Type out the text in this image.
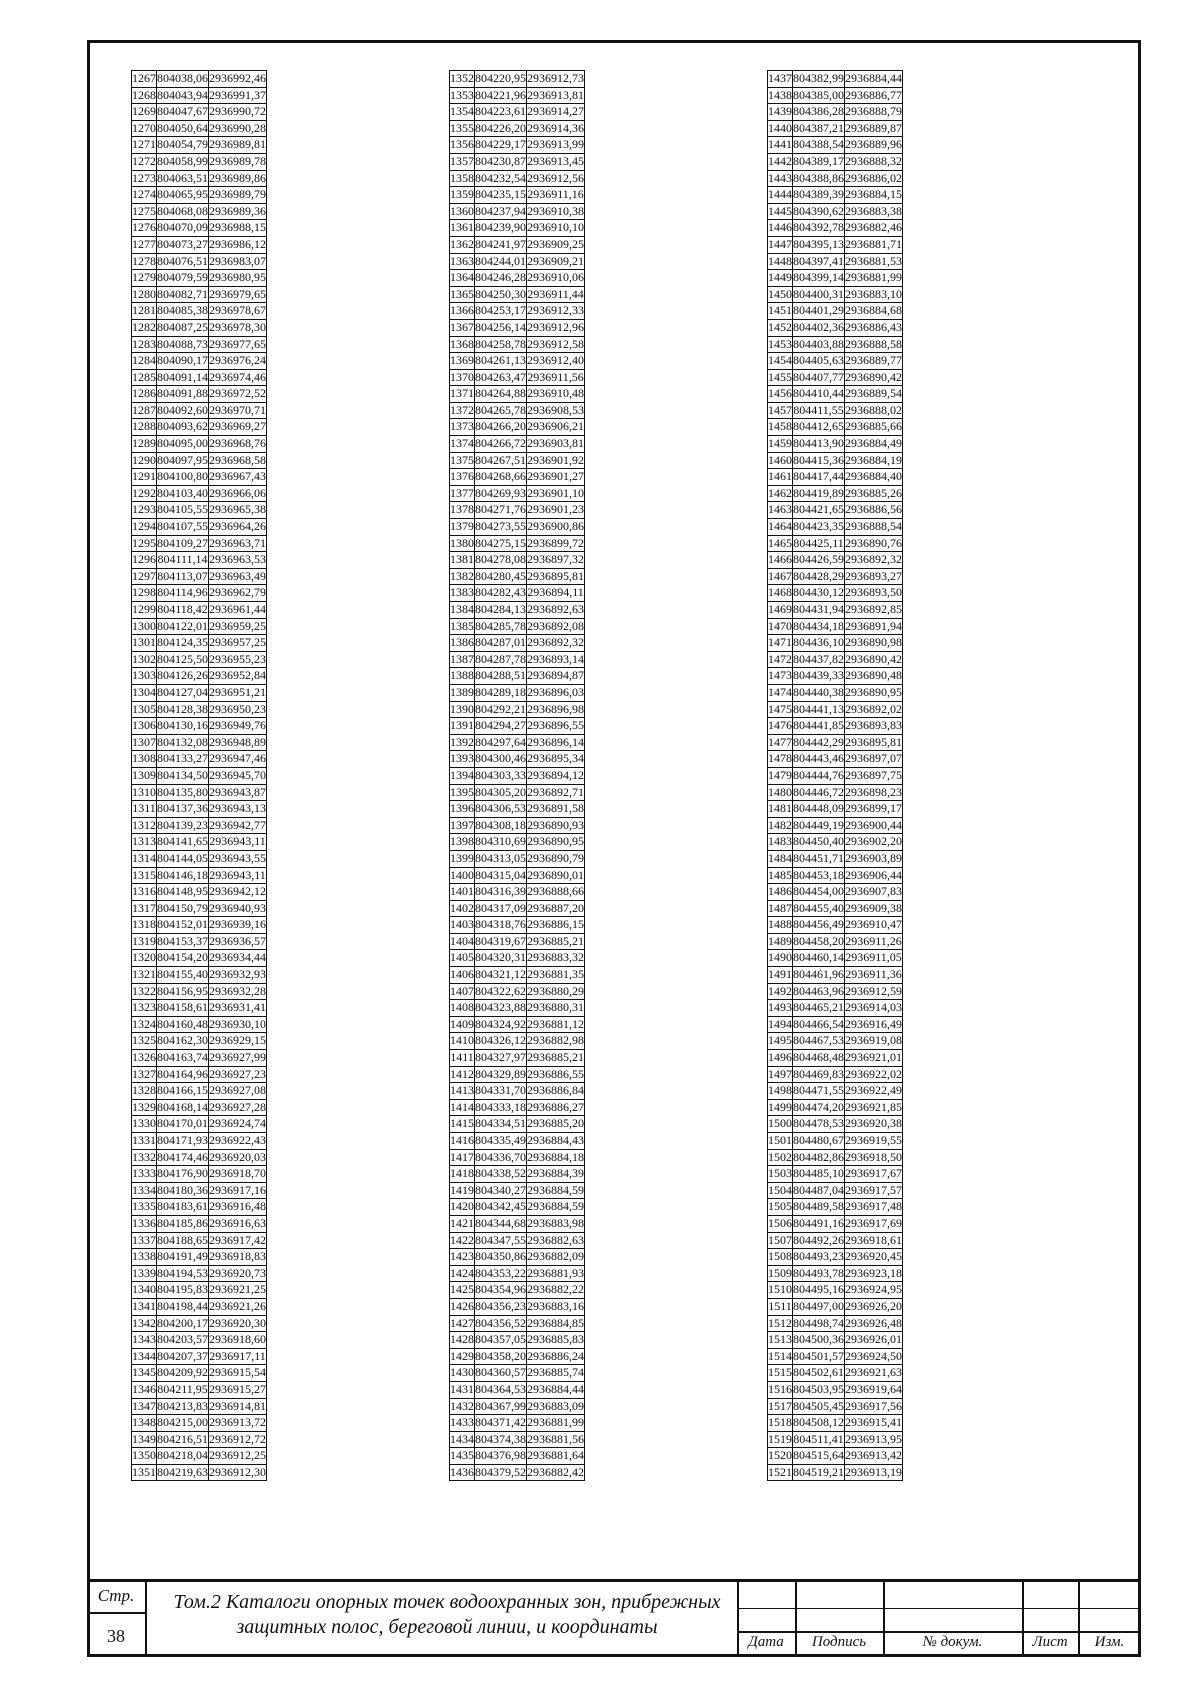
1267	804038,06	2936992,46
1268	804043,94	2936991,37
1269	804047,67	2936990,72
1270	804050,64	2936990,28
1271	804054,79	2936989,81
1272	804058,99	2936989,78
1273	804063,51	2936989,86
1274	804065,95	2936989,79
1275	804068,08	2936989,36
1276	804070,09	2936988,15
1277	804073,27	2936986,12
1278	804076,51	2936983,07
1279	804079,59	2936980,95
1280	804082,71	2936979,65
1281	804085,38	2936978,67
1282	804087,25	2936978,30
1283	804088,73	2936977,65
1284	804090,17	2936976,24
1285	804091,14	2936974,46
1286	804091,88	2936972,52
1287	804092,60	2936970,71
1288	804093,62	2936969,27
1289	804095,00	2936968,76
1290	804097,95	2936968,58
1291	804100,80	2936967,43
1292	804103,40	2936966,06
1293	804105,55	2936965,38
1294	804107,55	2936964,26
1295	804109,27	2936963,71
1296	804111,14	2936963,53
1297	804113,07	2936963,49
1298	804114,96	2936962,79
1299	804118,42	2936961,44
1300	804122,01	2936959,25
1301	804124,35	2936957,25
1302	804125,50	2936955,23
1303	804126,26	2936952,84
1304	804127,04	2936951,21
1305	804128,38	2936950,23
1306	804130,16	2936949,76
1307	804132,08	2936948,89
1308	804133,27	2936947,46
1309	804134,50	2936945,70
1310	804135,80	2936943,87
1311	804137,36	2936943,13
1312	804139,23	2936942,77
1313	804141,65	2936943,11
1314	804144,05	2936943,55
1315	804146,18	2936943,11
1316	804148,95	2936942,12
1317	804150,79	2936940,93
1318	804152,01	2936939,16
1319	804153,37	2936936,57
1320	804154,20	2936934,44
1321	804155,40	2936932,93
1322	804156,95	2936932,28
1323	804158,61	2936931,41
1324	804160,48	2936930,10
1325	804162,30	2936929,15
1326	804163,74	2936927,99
1327	804164,96	2936927,23
1328	804166,15	2936927,08
1329	804168,14	2936927,28
1330	804170,01	2936924,74
1331	804171,93	2936922,43
1332	804174,46	2936920,03
1333	804176,90	2936918,70
1334	804180,36	2936917,16
1335	804183,61	2936916,48
1336	804185,86	2936916,63
1337	804188,65	2936917,42
1338	804191,49	2936918,83
1339	804194,53	2936920,73
1340	804195,83	2936921,25
1341	804198,44	2936921,26
1342	804200,17	2936920,30
1343	804203,57	2936918,60
1344	804207,37	2936917,11
1345	804209,92	2936915,54
1346	804211,95	2936915,27
1347	804213,83	2936914,81
1348	804215,00	2936913,72
1349	804216,51	2936912,72
1350	804218,04	2936912,25
1351	804219,63	2936912,30
1352	804220,95	2936912,73
1353	804221,96	2936913,81
1354	804223,61	2936914,27
1355	804226,20	2936914,36
1356	804229,17	2936913,99
1357	804230,87	2936913,45
1358	804232,54	2936912,56
1359	804235,15	2936911,16
1360	804237,94	2936910,38
1361	804239,90	2936910,10
1362	804241,97	2936909,25
1363	804244,01	2936909,21
1364	804246,28	2936910,06
1365	804250,30	2936911,44
1366	804253,17	2936912,33
1367	804256,14	2936912,96
1368	804258,78	2936912,58
1369	804261,13	2936912,40
1370	804263,47	2936911,56
1371	804264,88	2936910,48
1372	804265,78	2936908,53
1373	804266,20	2936906,21
1374	804266,72	2936903,81
1375	804267,51	2936901,92
1376	804268,66	2936901,27
1377	804269,93	2936901,10
1378	804271,76	2936901,23
1379	804273,55	2936900,86
1380	804275,15	2936899,72
1381	804278,08	2936897,32
1382	804280,45	2936895,81
1383	804282,43	2936894,11
1384	804284,13	2936892,63
1385	804285,78	2936892,08
1386	804287,01	2936892,32
1387	804287,78	2936893,14
1388	804288,51	2936894,87
1389	804289,18	2936896,03
1390	804292,21	2936896,98
1391	804294,27	2936896,55
1392	804297,64	2936896,14
1393	804300,46	2936895,34
1394	804303,33	2936894,12
1395	804305,20	2936892,71
1396	804306,53	2936891,58
1397	804308,18	2936890,93
1398	804310,69	2936890,95
1399	804313,05	2936890,79
1400	804315,04	2936890,01
1401	804316,39	2936888,66
1402	804317,09	2936887,20
1403	804318,76	2936886,15
1404	804319,67	2936885,21
1405	804320,31	2936883,32
1406	804321,12	2936881,35
1407	804322,62	2936880,29
1408	804323,88	2936880,31
1409	804324,92	2936881,12
1410	804326,12	2936882,98
1411	804327,97	2936885,21
1412	804329,89	2936886,55
1413	804331,70	2936886,84
1414	804333,18	2936886,27
1415	804334,51	2936885,20
1416	804335,49	2936884,43
1417	804336,70	2936884,18
1418	804338,52	2936884,39
1419	804340,27	2936884,59
1420	804342,45	2936884,59
1421	804344,68	2936883,98
1422	804347,55	2936882,63
1423	804350,86	2936882,09
1424	804353,22	2936881,93
1425	804354,96	2936882,22
1426	804356,23	2936883,16
1427	804356,52	2936884,85
1428	804357,05	2936885,83
1429	804358,20	2936886,24
1430	804360,57	2936885,74
1431	804364,53	2936884,44
1432	804367,99	2936883,09
1433	804371,42	2936881,99
1434	804374,38	2936881,56
1435	804376,98	2936881,64
1436	804379,52	2936882,42
1437	804382,99	2936884,44
1438	804385,00	2936886,77
1439	804386,28	2936888,79
1440	804387,21	2936889,87
1441	804388,54	2936889,96
1442	804389,17	2936888,32
1443	804388,86	2936886,02
1444	804389,39	2936884,15
1445	804390,62	2936883,38
1446	804392,78	2936882,46
1447	804395,13	2936881,71
1448	804397,41	2936881,53
1449	804399,14	2936881,99
1450	804400,31	2936883,10
1451	804401,29	2936884,68
1452	804402,36	2936886,43
1453	804403,88	2936888,58
1454	804405,63	2936889,77
1455	804407,77	2936890,42
1456	804410,44	2936889,54
1457	804411,55	2936888,02
1458	804412,65	2936885,66
1459	804413,90	2936884,49
1460	804415,36	2936884,19
1461	804417,44	2936884,40
1462	804419,89	2936885,26
1463	804421,65	2936886,56
1464	804423,35	2936888,54
1465	804425,11	2936890,76
1466	804426,59	2936892,32
1467	804428,29	2936893,27
1468	804430,12	2936893,50
1469	804431,94	2936892,85
1470	804434,18	2936891,94
1471	804436,10	2936890,98
1472	804437,82	2936890,42
1473	804439,33	2936890,48
1474	804440,38	2936890,95
1475	804441,13	2936892,02
1476	804441,85	2936893,83
1477	804442,29	2936895,81
1478	804443,46	2936897,07
1479	804444,76	2936897,75
1480	804446,72	2936898,23
1481	804448,09	2936899,17
1482	804449,19	2936900,44
1483	804450,40	2936902,20
1484	804451,71	2936903,89
1485	804453,18	2936906,44
1486	804454,00	2936907,83
1487	804455,40	2936909,38
1488	804456,49	2936910,47
1489	804458,20	2936911,26
1490	804460,14	2936911,05
1491	804461,96	2936911,36
1492	804463,96	2936912,59
1493	804465,21	2936914,03
1494	804466,54	2936916,49
1495	804467,53	2936919,08
1496	804468,48	2936921,01
1497	804469,83	2936922,02
1498	804471,55	2936922,49
1499	804474,20	2936921,85
1500	804478,53	2936920,38
1501	804480,67	2936919,55
1502	804482,86	2936918,50
1503	804485,10	2936917,67
1504	804487,04	2936917,57
1505	804489,58	2936917,48
1506	804491,16	2936917,69
1507	804492,26	2936918,61
1508	804493,23	2936920,45
1509	804493,78	2936923,18
1510	804495,16	2936924,95
1511	804497,00	2936926,20
1512	804498,74	2936926,48
1513	804500,36	2936926,01
1514	804501,57	2936924,50
1515	804502,61	2936921,63
1516	804503,95	2936919,64
1517	804505,45	2936917,56
1518	804508,12	2936915,41
1519	804511,41	2936913,95
1520	804515,64	2936913,42
1521	804519,21	2936913,19
Стр.
38
Том.2 Каталоги опорных точек водоохранных зон, прибрежных защитных полос, береговой линии, и координаты
Дата	Подпись	№ докум.	Лист	Изм.
